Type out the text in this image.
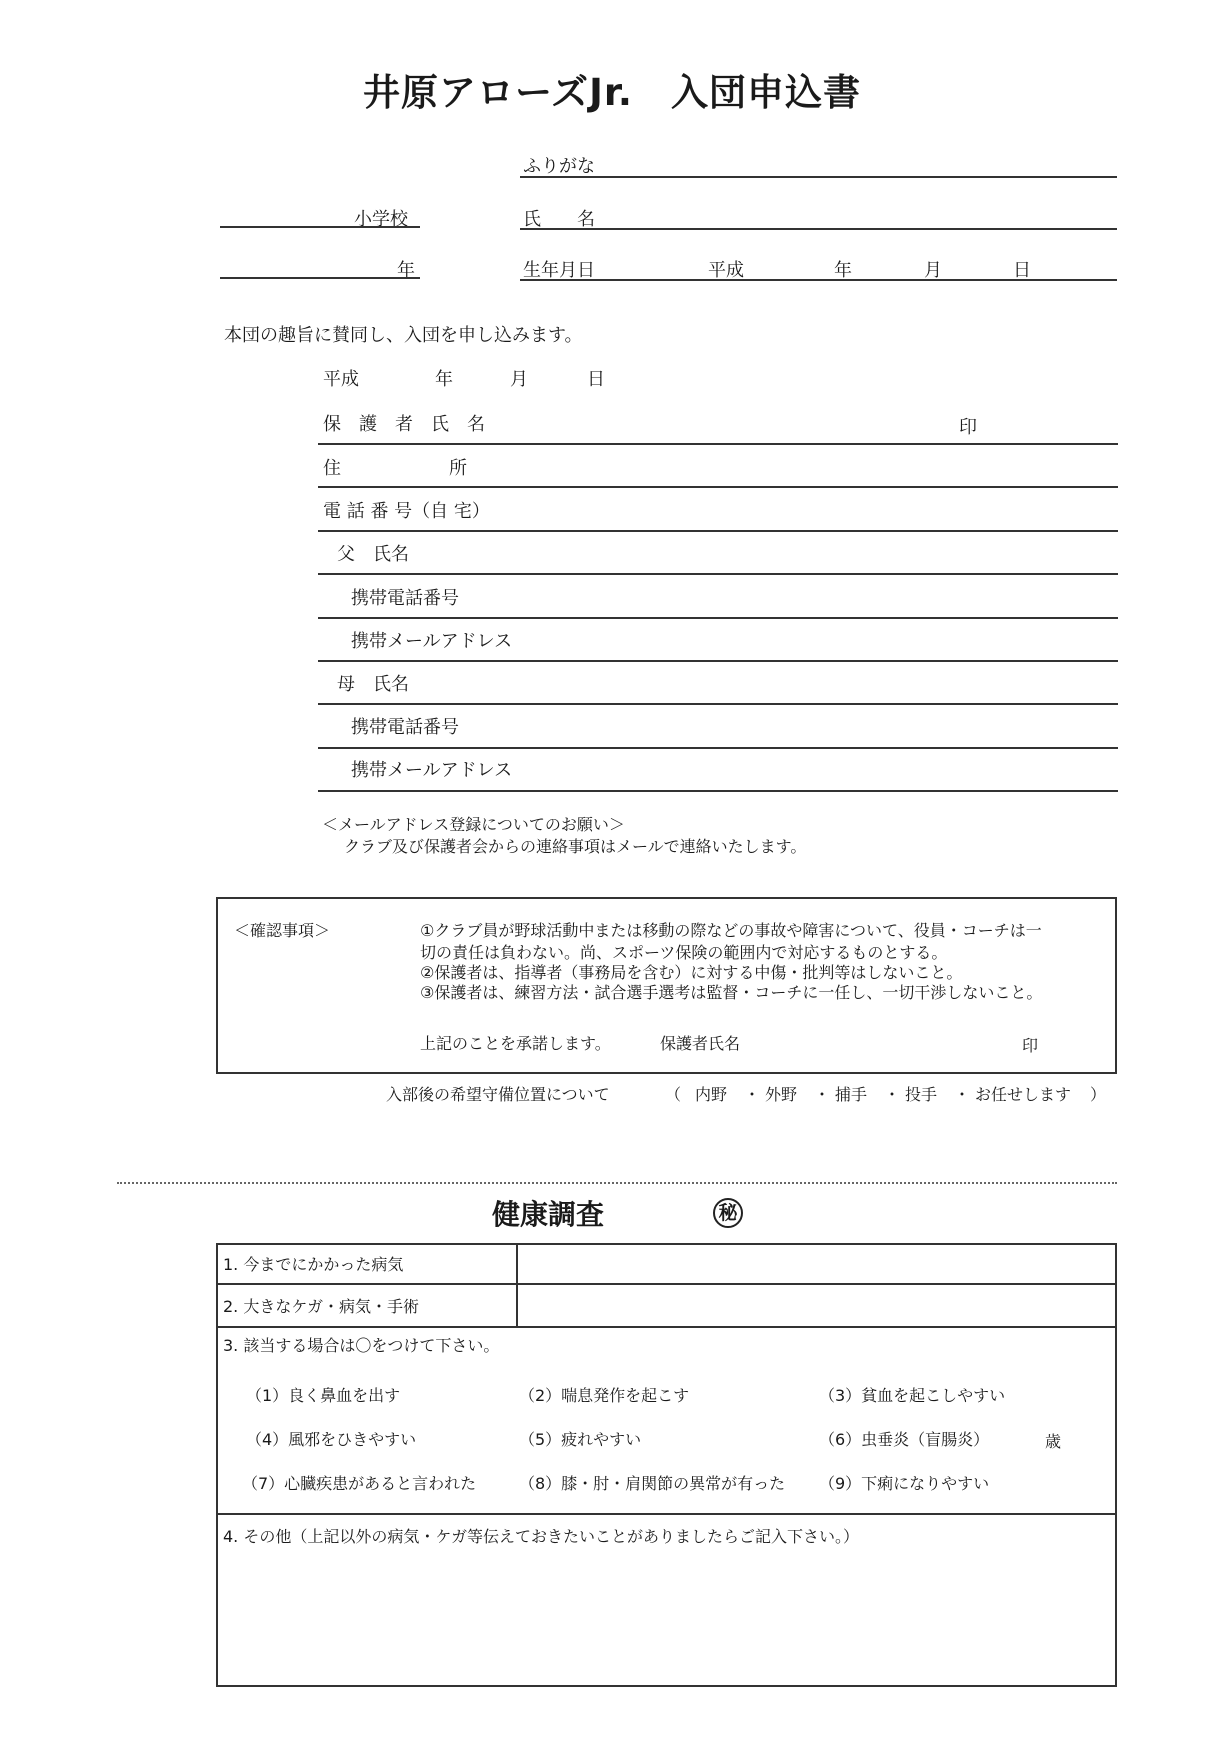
井原アローズJr.　入団申込書
ふりがな
小学校	氏　　名
年	生年月日	平成	年	月	日
本団の趣旨に賛同し、入団を申し込みます。
平成	年	月	日
保　護　者　氏　名	印
住　　　　　　所
電 話 番 号（自 宅）
父　氏名
携帯電話番号
携帯メールアドレス
母　氏名
携帯電話番号
携帯メールアドレス
＜メールアドレス登録についてのお願い＞
クラブ及び保護者会からの連絡事項はメールで連絡いたします。
＜確認事項＞	①クラブ員が野球活動中または移動の際などの事故や障害について、役員・コーチは一
切の責任は負わない。尚、スポーツ保険の範囲内で対応するものとする。
②保護者は、指導者（事務局を含む）に対する中傷・批判等はしないこと。
③保護者は、練習方法・試合選手選考は監督・コーチに一任し、一切干渉しないこと。
上記のことを承諾します。	保護者氏名	印
入部後の希望守備位置について	（ 内野 ・ 外野 ・ 捕手 ・ 投手 ・ お任せします ）
健康調査	秘
1. 今までにかかった病気
2. 大きなケガ・病気・手術
3. 該当する場合は〇をつけて下さい。
（1）良く鼻血を出す	（2）喘息発作を起こす	（3）貧血を起こしやすい
（4）風邪をひきやすい	（5）疲れやすい	（6）虫垂炎（盲腸炎）	歳
（7）心臓疾患があると言われた	（8）膝・肘・肩関節の異常が有った （9）下痢になりやすい
4. その他（上記以外の病気・ケガ等伝えておきたいことがありましたらご記入下さい。）
